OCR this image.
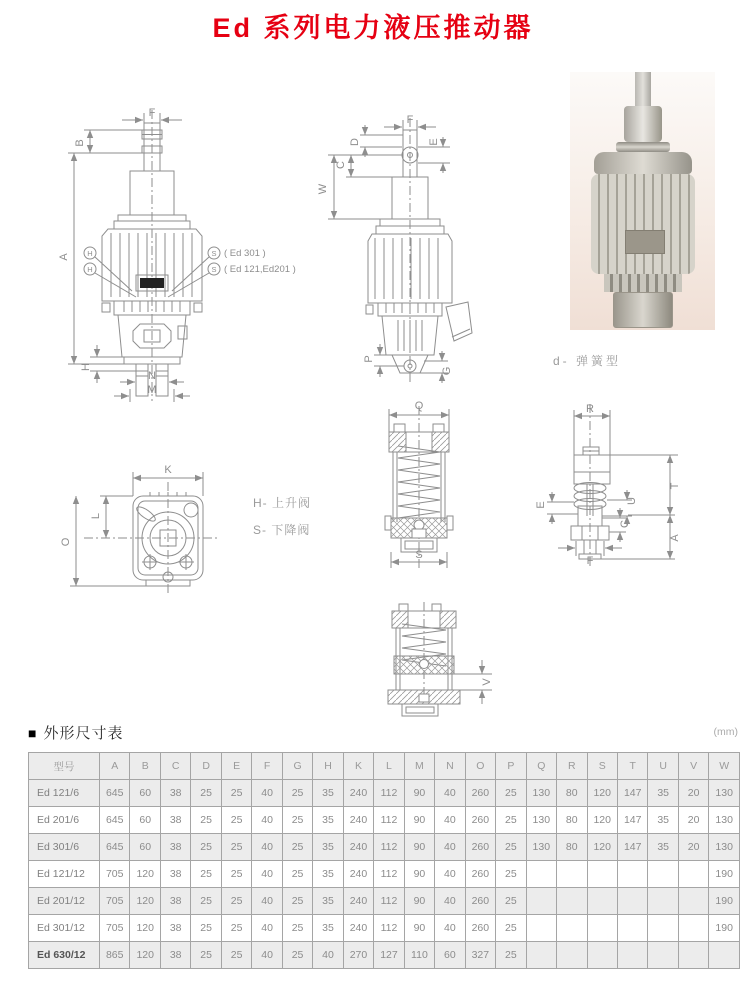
Ed 系列电力液压推动器
F
B
A H
H
S
S
( Ed 301 )
( Ed 121,Ed201 )
H
N
M
F
D	E
C
W
P
G
d- 弹簧型
K
L
O
H- 上升阀
S- 下降阀
Q
S
R
T
E
U
C
A
F
V
■ 外形尺寸表	(mm)
型号	A	B	C	D	E	F	G	H	K	L	M	N	O	P	Q	R	S	T	U	V	W
Ed 121/6	645	60	38	25	25	40	25	35	240	112	90	40	260	25	130	80	120	147	35	20	130
Ed 201/6	645	60	38	25	25	40	25	35	240	112	90	40	260	25	130	80	120	147	35	20	130
Ed 301/6	645	60	38	25	25	40	25	35	240	112	90	40	260	25	130	80	120	147	35	20	130
Ed 121/12	705	120	38	25	25	40	25	35	240	112	90	40	260	25							190
Ed 201/12	705	120	38	25	25	40	25	35	240	112	90	40	260	25							190
Ed 301/12	705	120	38	25	25	40	25	35	240	112	90	40	260	25							190
Ed 630/12	865	120	38	25	25	40	25	40	270	127	110	60	327	25							
